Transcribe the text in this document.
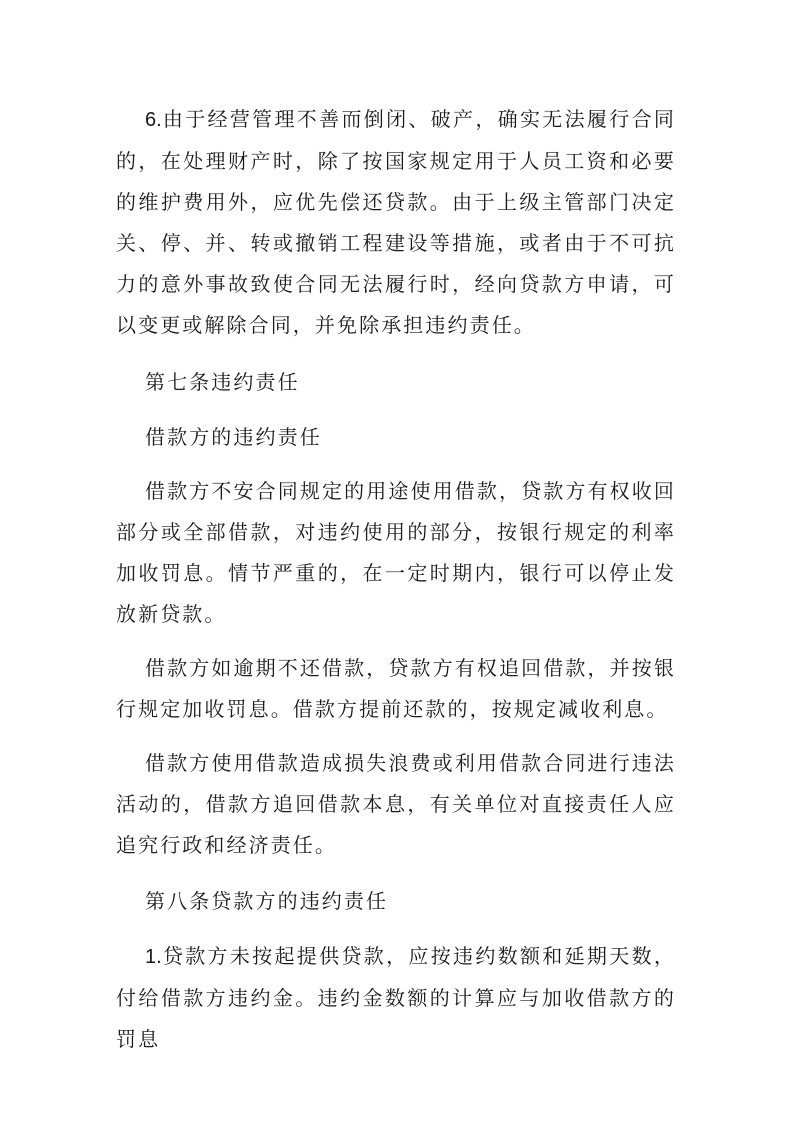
6.由于经营管理不善而倒闭、破产，确实无法履行合同的，在处理财产时，除了按国家规定用于人员工资和必要的维护费用外，应优先偿还贷款。由于上级主管部门决定关、停、并、转或撤销工程建设等措施，或者由于不可抗力的意外事故致使合同无法履行时，经向贷款方申请，可以变更或解除合同，并免除承担违约责任。

第七条违约责任

借款方的违约责任

借款方不安合同规定的用途使用借款，贷款方有权收回部分或全部借款，对违约使用的部分，按银行规定的利率加收罚息。情节严重的，在一定时期内，银行可以停止发放新贷款。

借款方如逾期不还借款，贷款方有权追回借款，并按银行规定加收罚息。借款方提前还款的，按规定减收利息。

借款方使用借款造成损失浪费或利用借款合同进行违法活动的，借款方追回借款本息，有关单位对直接责任人应追究行政和经济责任。

第八条贷款方的违约责任

1.贷款方未按起提供贷款，应按违约数额和延期天数，付给借款方违约金。违约金数额的计算应与加收借款方的罚息
